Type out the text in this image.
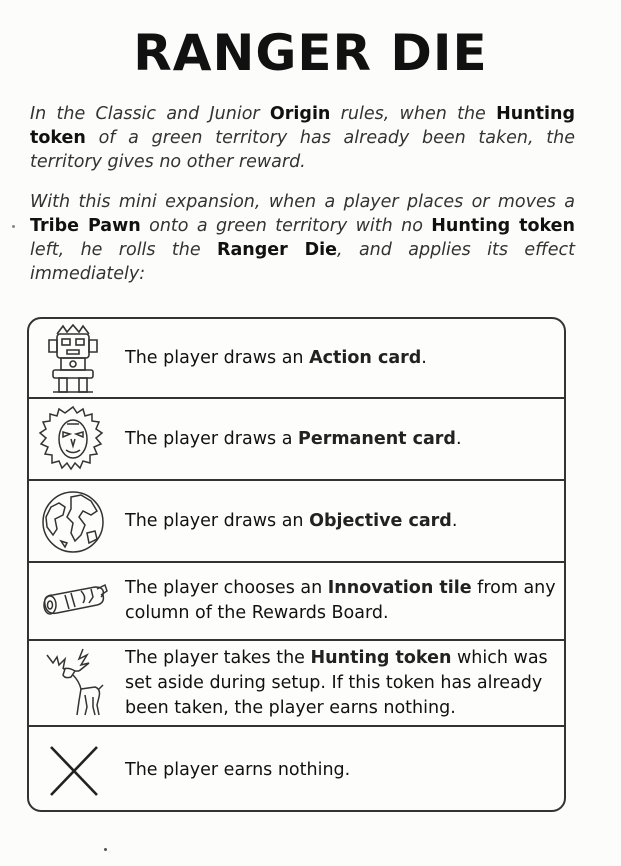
RANGER DIE
In the Classic and Junior Origin rules, when the Hunting token of a green territory has already been taken, the territory gives no other reward.
With this mini expansion, when a player places or moves a Tribe Pawn onto a green territory with no Hunting token left, he rolls the Ranger Die, and applies its effect immediately:
The player draws an Action card.
The player draws a Permanent card.
The player draws an Objective card.
The player chooses an Innovation tile from any column of the Rewards Board.
The player takes the Hunting token which was set aside during setup. If this token has already been taken, the player earns nothing.
The player earns nothing.
